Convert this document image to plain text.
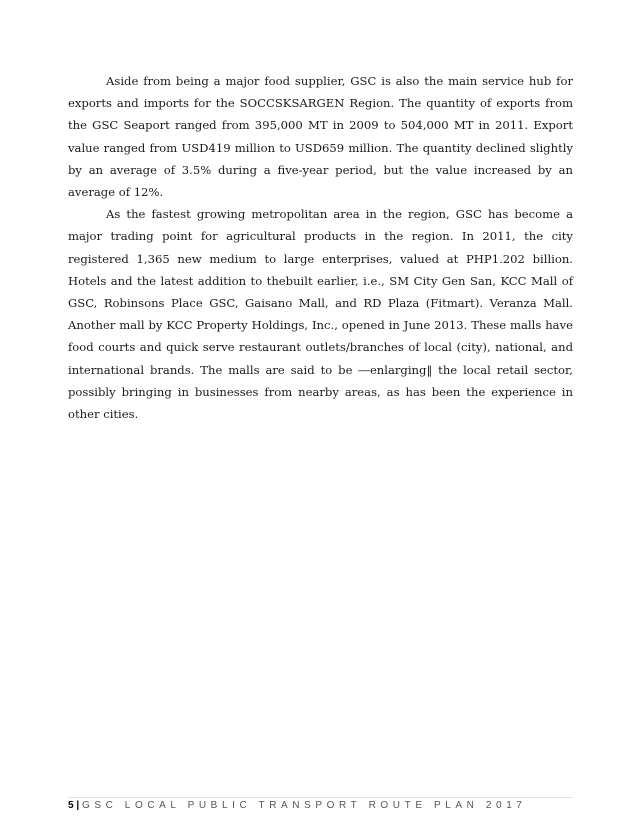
Aside from being a major food supplier, GSC is also the main service hub for exports and imports for the SOCCSKSARGEN Region. The quantity of exports from the GSC Seaport ranged from 395,000 MT in 2009 to 504,000 MT in 2011. Export value ranged from USD419 million to USD659 million. The quantity declined slightly by an average of 3.5% during a five-year period, but the value increased by an average of 12%.

As the fastest growing metropolitan area in the region, GSC has become a major trading point for agricultural products in the region. In 2011, the city registered 1,365 new medium to large enterprises, valued at PHP1.202 billion. Hotels and the latest addition to thebuilt earlier, i.e., SM City Gen San, KCC Mall of GSC, Robinsons Place GSC, Gaisano Mall, and RD Plaza (Fitmart). Veranza Mall. Another mall by KCC Property Holdings, Inc., opened in June 2013. These malls have food courts and quick serve restaurant outlets/branches of local (city), national, and international brands. The malls are said to be ―enlarging‖ the local retail sector, possibly bringing in businesses from nearby areas, as has been the experience in other cities.

5 | GSC LOCAL PUBLIC TRANSPORT ROUTE PLAN 2017
